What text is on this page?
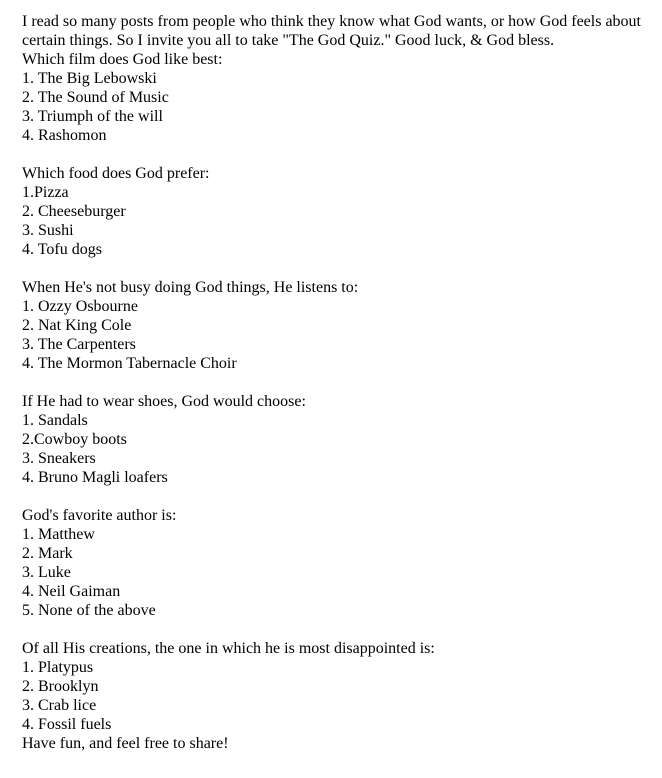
I read so many posts from people who think they know what God wants, or how God feels about certain things. So I invite you all to take "The God Quiz." Good luck, & God bless.
Which film does God like best:
1. The Big Lebowski
2. The Sound of Music
3. Triumph of the will
4. Rashomon
Which food does God prefer:
1.Pizza
2. Cheeseburger
3. Sushi
4. Tofu dogs
When He's not busy doing God things, He listens to:
1. Ozzy Osbourne
2. Nat King Cole
3. The Carpenters
4. The Mormon Tabernacle Choir
If He had to wear shoes, God would choose:
1. Sandals
2.Cowboy boots
3. Sneakers
4. Bruno Magli loafers
God's favorite author is:
1. Matthew
2. Mark
3. Luke
4. Neil Gaiman
5. None of the above
Of all His creations, the one in which he is most disappointed is:
1. Platypus
2. Brooklyn
3. Crab lice
4. Fossil fuels
Have fun, and feel free to share!
